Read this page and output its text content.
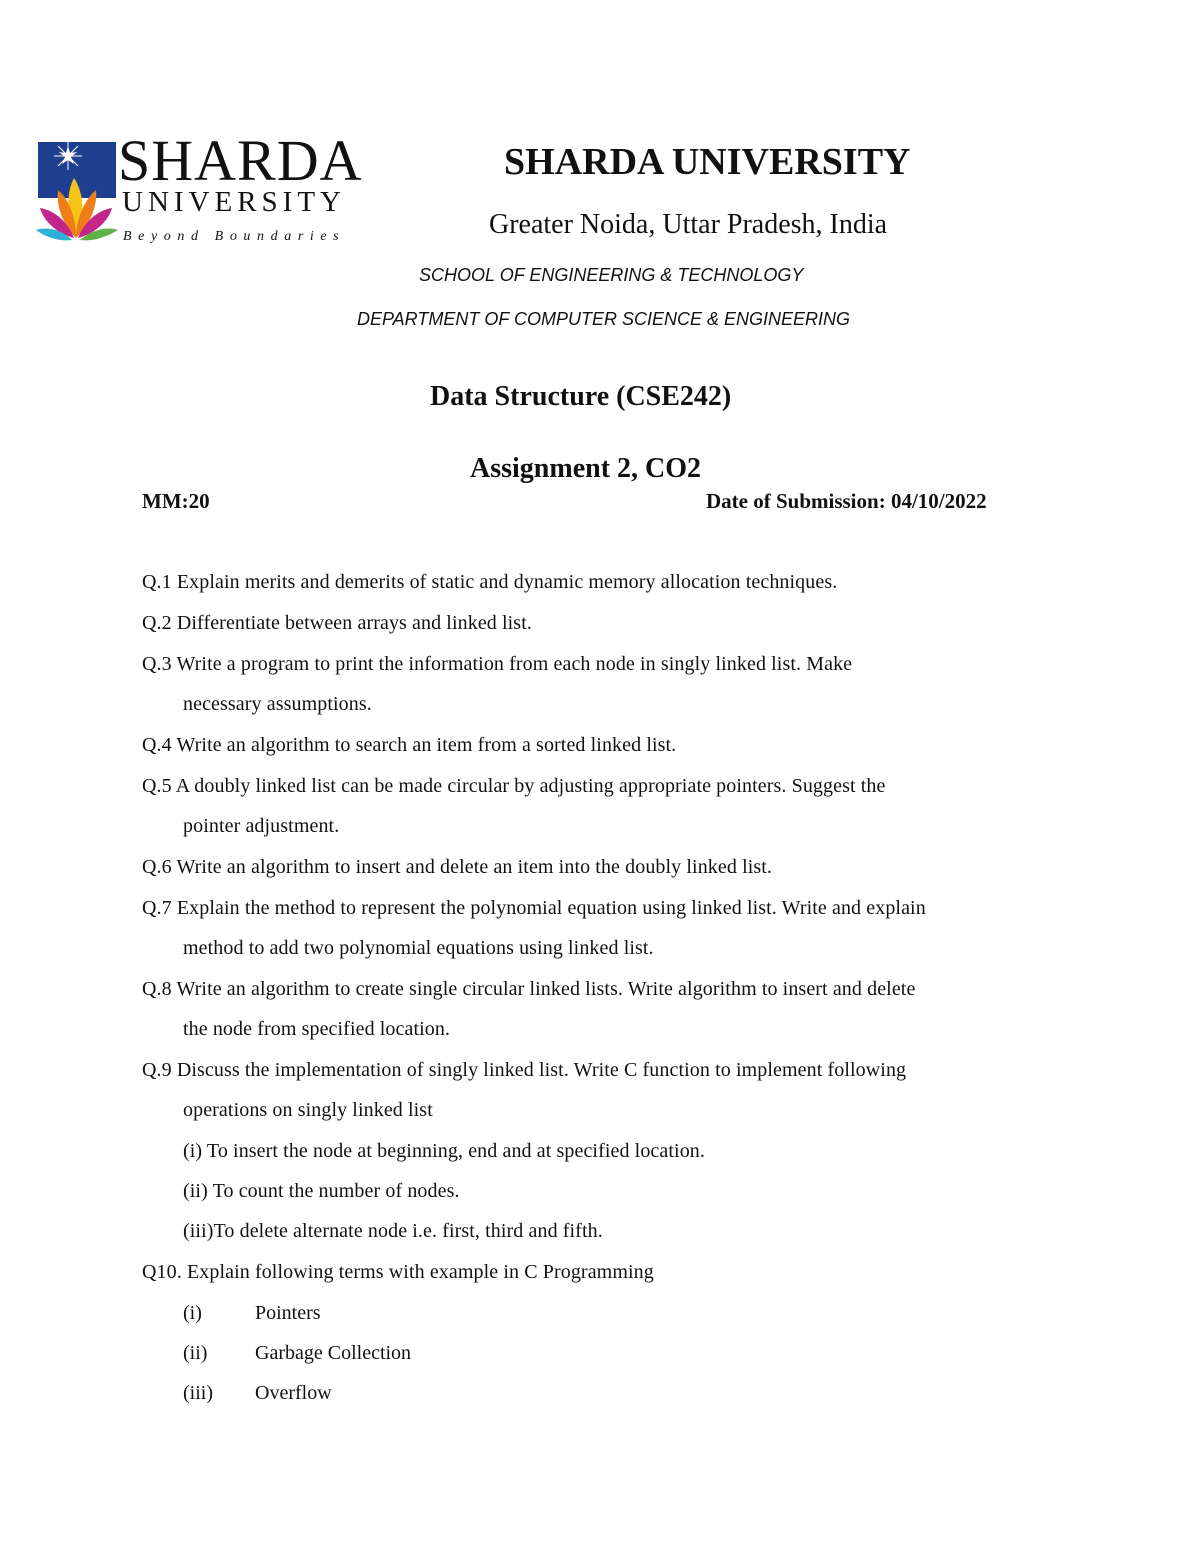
SHARDA
UNIVERSITY
Beyond Boundaries
SHARDA UNIVERSITY
Greater Noida, Uttar Pradesh, India
SCHOOL OF ENGINEERING & TECHNOLOGY
DEPARTMENT OF COMPUTER SCIENCE & ENGINEERING
Data Structure (CSE242)
Assignment 2, CO2
MM:20	Date of Submission: 04/10/2022
Q.1 Explain merits and demerits of static and dynamic memory allocation techniques.
Q.2 Differentiate between arrays and linked list.
Q.3 Write a program to print the information from each node in singly linked list. Make
necessary assumptions.
Q.4 Write an algorithm to search an item from a sorted linked list.
Q.5 A doubly linked list can be made circular by adjusting appropriate pointers. Suggest the
pointer adjustment.
Q.6 Write an algorithm to insert and delete an item into the doubly linked list.
Q.7 Explain the method to represent the polynomial equation using linked list. Write and explain
method to add two polynomial equations using linked list.
Q.8 Write an algorithm to create single circular linked lists. Write algorithm to insert and delete
the node from specified location.
Q.9 Discuss the implementation of singly linked list. Write C function to implement following
operations on singly linked list
(i) To insert the node at beginning, end and at specified location.
(ii) To count the number of nodes.
(iii)To delete alternate node i.e. first, third and fifth.
Q10. Explain following terms with example in C Programming
(i)	Pointers
(ii) Garbage Collection
(iii) Overflow
